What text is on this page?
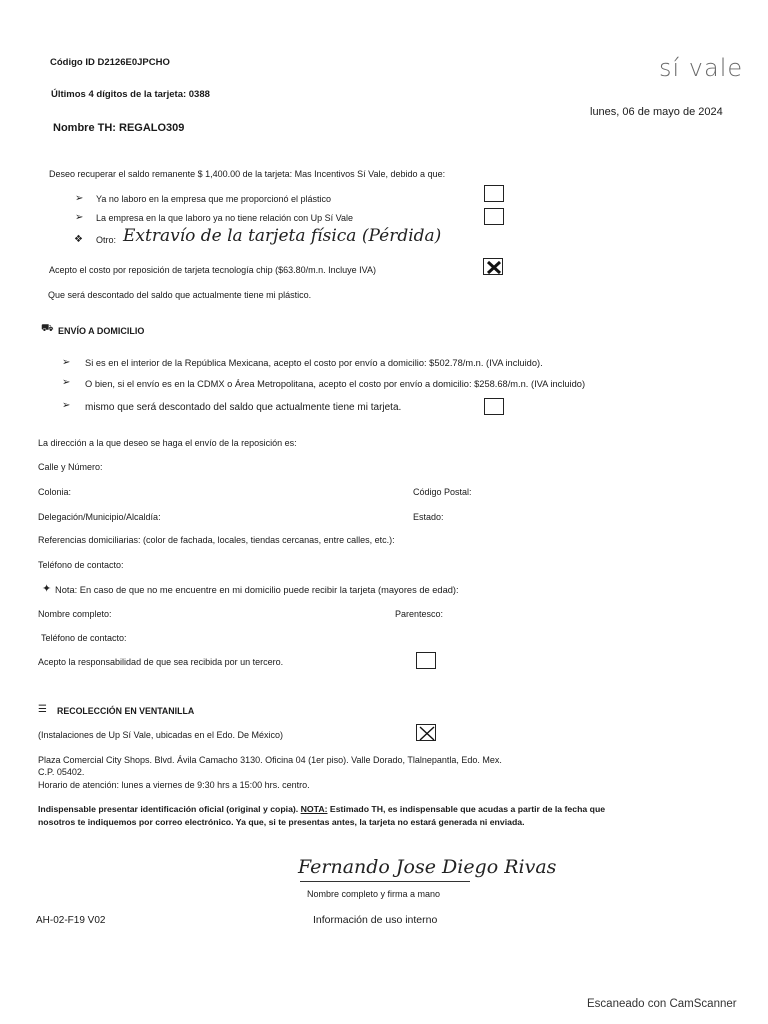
Código ID D2126E0JPCHO
Últimos 4 dígitos de la tarjeta: 0388
Nombre TH: REGALO309
lunes, 06 de mayo de 2024
sí vale
Deseo recuperar el saldo remanente $ 1,400.00 de la tarjeta: Mas Incentivos Sí Vale, debido a que:
➢ Ya no laboro en la empresa que me proporcionó el plástico
➢ La empresa en la que laboro ya no tiene relación con Up Sí Vale
❖ Otro: Extravío de la tarjeta física (Pérdida)
Acepto el costo por reposición de tarjeta tecnología chip ($63.80/m.n. Incluye IVA)
Que será descontado del saldo que actualmente tiene mi plástico.
⛟ ENVÍO A DOMICILIO
➢ Si es en el interior de la República Mexicana, acepto el costo por envío a domicilio: $502.78/m.n. (IVA incluido).
➢ O bien, si el envío es en la CDMX o Área Metropolitana, acepto el costo por envío a domicilio: $258.68/m.n. (IVA incluido)
➢ mismo que será descontado del saldo que actualmente tiene mi tarjeta.
La dirección a la que deseo se haga el envío de la reposición es:
Calle y Número:
Colonia:	Código Postal:
Delegación/Municipio/Alcaldía:	Estado:
Referencias domiciliarias: (color de fachada, locales, tiendas cercanas, entre calles, etc.):
Teléfono de contacto:
✦ Nota: En caso de que no me encuentre en mi domicilio puede recibir la tarjeta (mayores de edad):
Nombre completo:	Parentesco:
Teléfono de contacto:
Acepto la responsabilidad de que sea recibida por un tercero.
☰ RECOLECCIÓN EN VENTANILLA
(Instalaciones de Up Sí Vale, ubicadas en el Edo. De México)
Plaza Comercial City Shops. Blvd. Ávila Camacho 3130. Oficina 04 (1er piso). Valle Dorado, Tlalnepantla, Edo. Mex.
C.P. 05402.
Horario de atención: lunes a viernes de 9:30 hrs a 15:00 hrs. centro.
Indispensable presentar identificación oficial (original y copia). NOTA: Estimado TH, es indispensable que acudas a partir de la fecha que
nosotros te indiquemos por correo electrónico. Ya que, si te presentas antes, la tarjeta no estará generada ni enviada.
Fernando Jose Diego Rivas
Nombre completo y firma a mano
Información de uso interno
AH-02-F19 V02
Escaneado con CamScanner
